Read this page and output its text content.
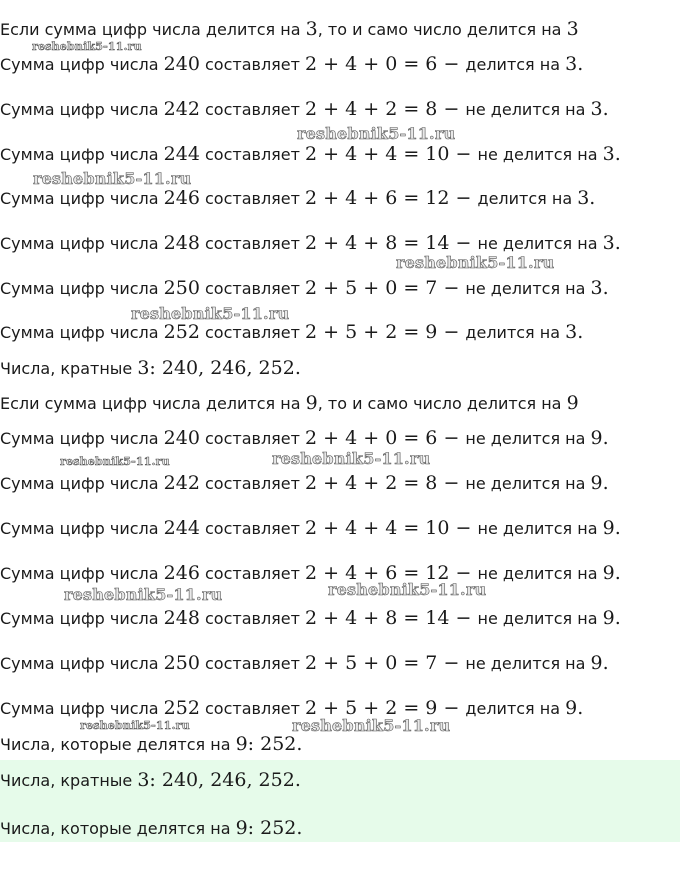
Если сумма цифр числа делится на 3, то и само число делится на 3
Сумма цифр числа 240 составляет 2 + 4 + 0 = 6 − делится на 3.
Сумма цифр числа 242 составляет 2 + 4 + 2 = 8 − не делится на 3.
Сумма цифр числа 244 составляет 2 + 4 + 4 = 10 − не делится на 3.
Сумма цифр числа 246 составляет 2 + 4 + 6 = 12 − делится на 3.
Сумма цифр числа 248 составляет 2 + 4 + 8 = 14 − не делится на 3.
Сумма цифр числа 250 составляет 2 + 5 + 0 = 7 − не делится на 3.
Сумма цифр числа 252 составляет 2 + 5 + 2 = 9 − делится на 3.
Числа, кратные 3: 240, 246, 252.
Если сумма цифр числа делится на 9, то и само число делится на 9
Сумма цифр числа 240 составляет 2 + 4 + 0 = 6 − не делится на 9.
Сумма цифр числа 242 составляет 2 + 4 + 2 = 8 − не делится на 9.
Сумма цифр числа 244 составляет 2 + 4 + 4 = 10 − не делится на 9.
Сумма цифр числа 246 составляет 2 + 4 + 6 = 12 − не делится на 9.
Сумма цифр числа 248 составляет 2 + 4 + 8 = 14 − не делится на 9.
Сумма цифр числа 250 составляет 2 + 5 + 0 = 7 − не делится на 9.
Сумма цифр числа 252 составляет 2 + 5 + 2 = 9 − делится на 9.
Числа, которые делятся на 9: 252.
Числа, кратные 3: 240, 246, 252.
Числа, которые делятся на 9: 252.
reshebnik5-11.ru
reshebnik5-11.ru
reshebnik5-11.ru
reshebnik5-11.ru
reshebnik5-11.ru
reshebnik5-11.ru	reshebnik5-11.ru
reshebnik5-11.ru	reshebnik5-11.ru
reshebnik5-11.ru	reshebnik5-11.ru
